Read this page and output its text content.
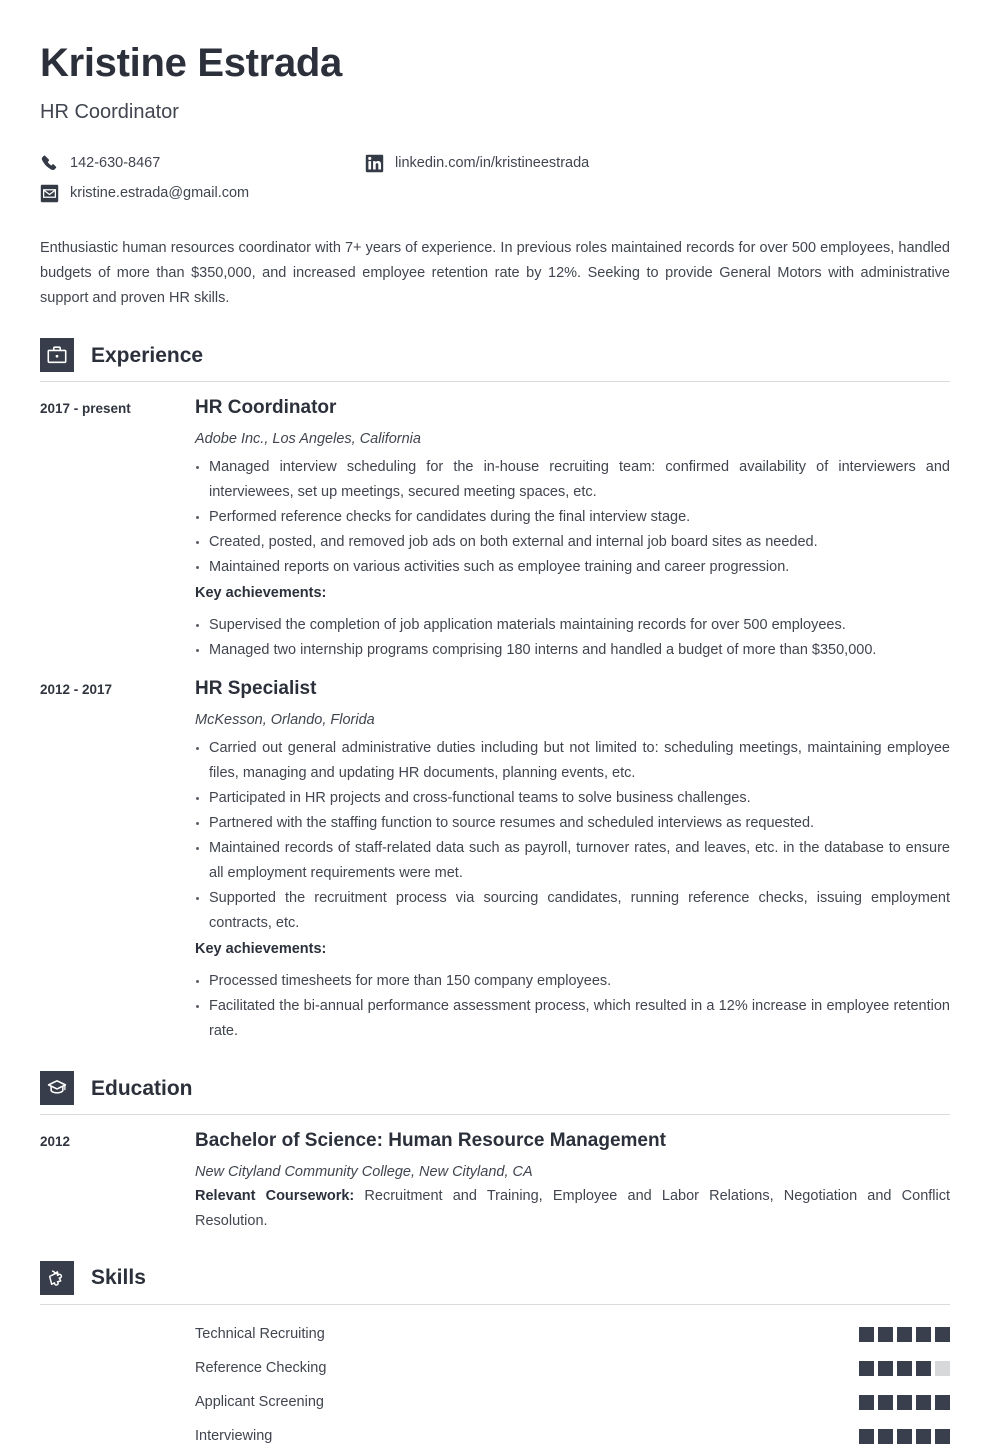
Kristine Estrada
HR Coordinator
142-630-8467	linkedin.com/in/kristineestrada
kristine.estrada@gmail.com
Enthusiastic human resources coordinator with 7+ years of experience. In previous roles maintained records for over 500 employees, handled budgets of more than $350,000, and increased employee retention rate by 12%. Seeking to provide General Motors with administrative support and proven HR skills.
Experience
2017 - present	HR Coordinator
Adobe Inc., Los Angeles, California
Managed interview scheduling for the in-house recruiting team: confirmed availability of interviewers and interviewees, set up meetings, secured meeting spaces, etc.
Performed reference checks for candidates during the final interview stage.
Created, posted, and removed job ads on both external and internal job board sites as needed.
Maintained reports on various activities such as employee training and career progression.
Key achievements:
Supervised the completion of job application materials maintaining records for over 500 employees.
Managed two internship programs comprising 180 interns and handled a budget of more than $350,000.
2012 - 2017	HR Specialist
McKesson, Orlando, Florida
Carried out general administrative duties including but not limited to: scheduling meetings, maintaining employee files, managing and updating HR documents, planning events, etc.
Participated in HR projects and cross-functional teams to solve business challenges.
Partnered with the staffing function to source resumes and scheduled interviews as requested.
Maintained records of staff-related data such as payroll, turnover rates, and leaves, etc. in the database to ensure all employment requirements were met.
Supported the recruitment process via sourcing candidates, running reference checks, issuing employment contracts, etc.
Key achievements:
Processed timesheets for more than 150 company employees.
Facilitated the bi-annual performance assessment process, which resulted in a 12% increase in employee retention rate.
Education
2012	Bachelor of Science: Human Resource Management
New Cityland Community College, New Cityland, CA
Relevant Coursework: Recruitment and Training, Employee and Labor Relations, Negotiation and Conflict Resolution.
Skills
Technical Recruiting
Reference Checking
Applicant Screening
Interviewing
